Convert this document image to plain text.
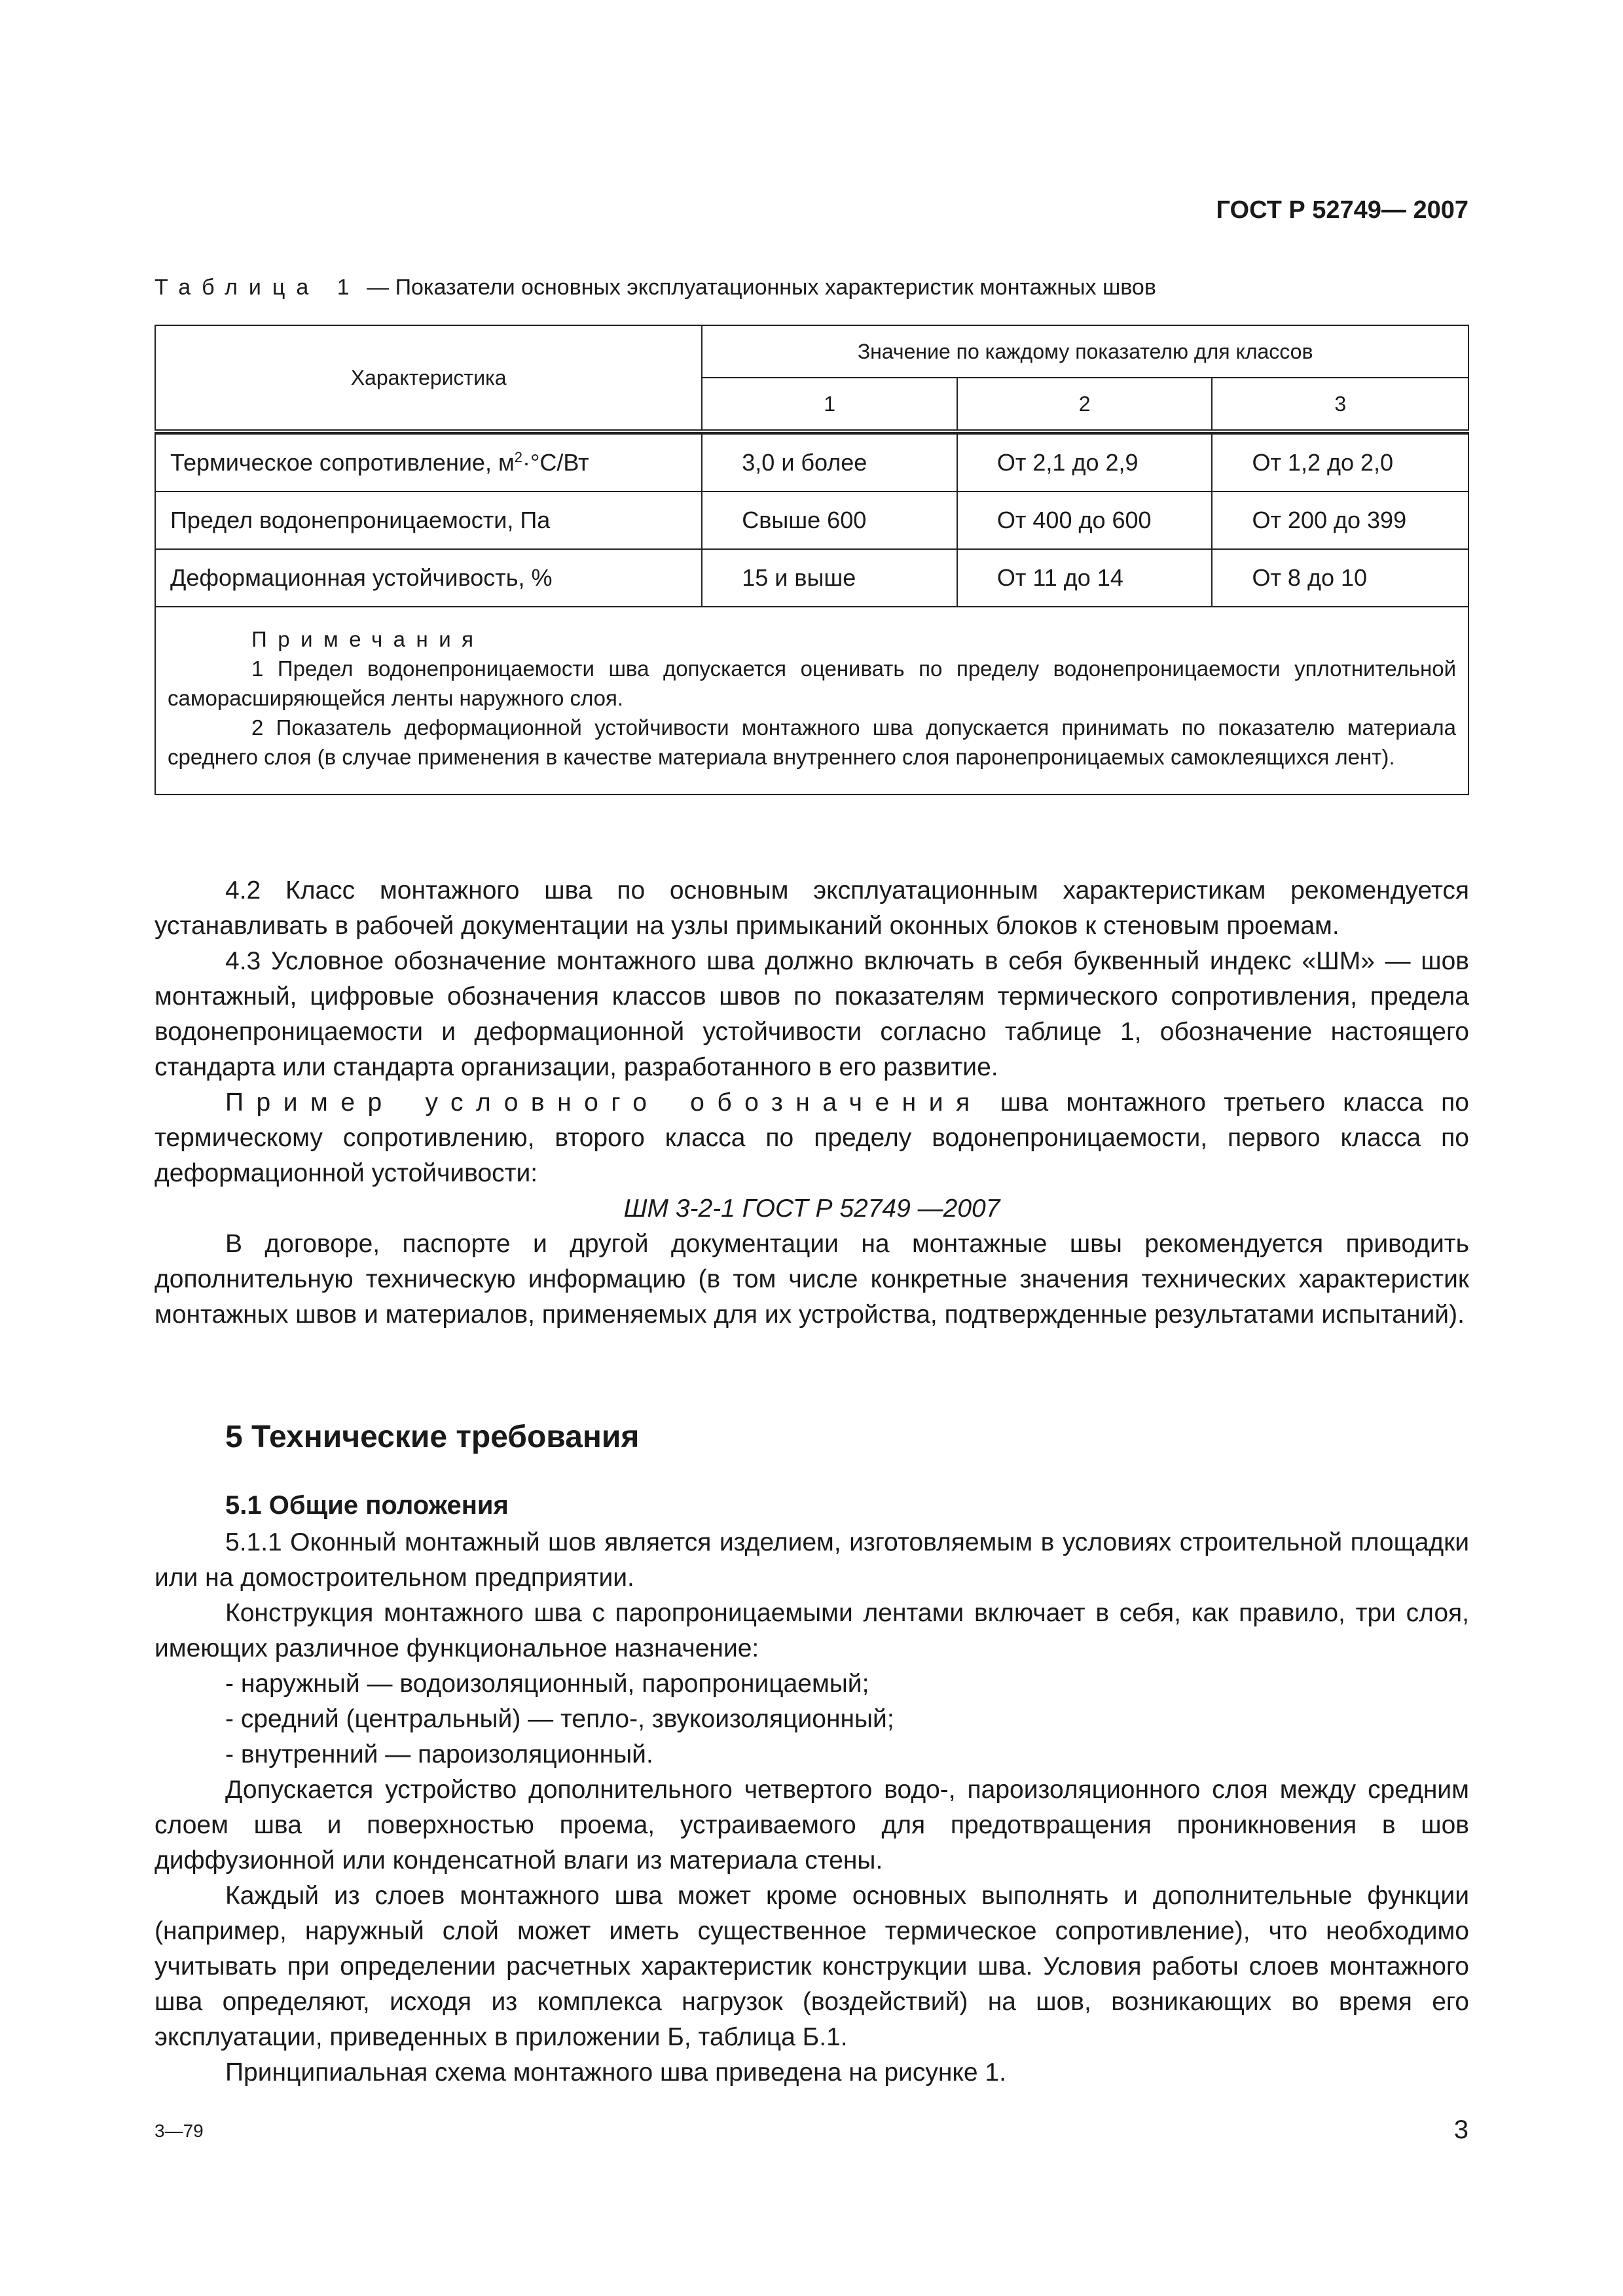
ГОСТ Р 52749— 2007
Таблица 1 — Показатели основных эксплуатационных характеристик монтажных швов
Характеристика	Значение по каждому показателю для классов		
	1	2	3

Термическое сопротивление, $м^2\cdot^\circ C/Вт$	3,0 и более	От 2,1 до 2,9	От 1,2 до 2,0
Предел водонепроницаемости, Па	Свыше 600	От 400 до 600	От 200 до 399
Деформационная устойчивость, %	15 и выше	От 11 до 14	От 8 до 10

Примечания

1 Предел водонепроницаемости шва допускается оценивать по пределу водонепроницаемости уплотнительной саморасширяющейся ленты наружного слоя.

2 Показатель деформационной устойчивости монтажного шва допускается принимать по показателю материала среднего слоя (в случае применения в качестве материала внутреннего слоя паронепроницаемых самоклеящихся лент).			

4.2 Класс монтажного шва по основным эксплуатационным характеристикам рекомендуется устанавливать в рабочей документации на узлы примыканий оконных блоков к стеновым проемам.

4.3 Условное обозначение монтажного шва должно включать в себя буквенный индекс «ШМ» — шов монтажный, цифровые обозначения классов швов по показателям термического сопротивления, предела водонепроницаемости и деформационной устойчивости согласно таблице 1, обозначение настоящего стандарта или стандарта организации, разработанного в его развитие.

Пример условного обозначения шва монтажного третьего класса по термическому сопротивлению, второго класса по пределу водонепроницаемости, первого класса по деформационной устойчивости:

ШМ 3-2-1 ГОСТ Р 52749 —2007

В договоре, паспорте и другой документации на монтажные швы рекомендуется приводить дополнительную техническую информацию (в том числе конкретные значения технических характеристик монтажных швов и материалов, применяемых для их устройства, подтвержденные результатами испытаний).

5 Технические требования
5.1 Общие положения

5.1.1 Оконный монтажный шов является изделием, изготовляемым в условиях строительной площадки или на домостроительном предприятии.

Конструкция монтажного шва с паропроницаемыми лентами включает в себя, как правило, три слоя, имеющих различное функциональное назначение:

- наружный — водоизоляционный, паропроницаемый;

- средний (центральный) — тепло-, звукоизоляционный;

- внутренний — пароизоляционный.

Допускается устройство дополнительного четвертого водо-, пароизоляционного слоя между средним слоем шва и поверхностью проема, устраиваемого для предотвращения проникновения в шов диффузионной или конденсатной влаги из материала стены.

Каждый из слоев монтажного шва может кроме основных выполнять и дополнительные функции (например, наружный слой может иметь существенное термическое сопротивление), что необходимо учитывать при определении расчетных характеристик конструкции шва. Условия работы слоев монтажного шва определяют, исходя из комплекса нагрузок (воздействий) на шов, возникающих во время его эксплуатации, приведенных в приложении Б, таблица Б.1.

Принципиальная схема монтажного шва приведена на рисунке 1.

3—79	3
